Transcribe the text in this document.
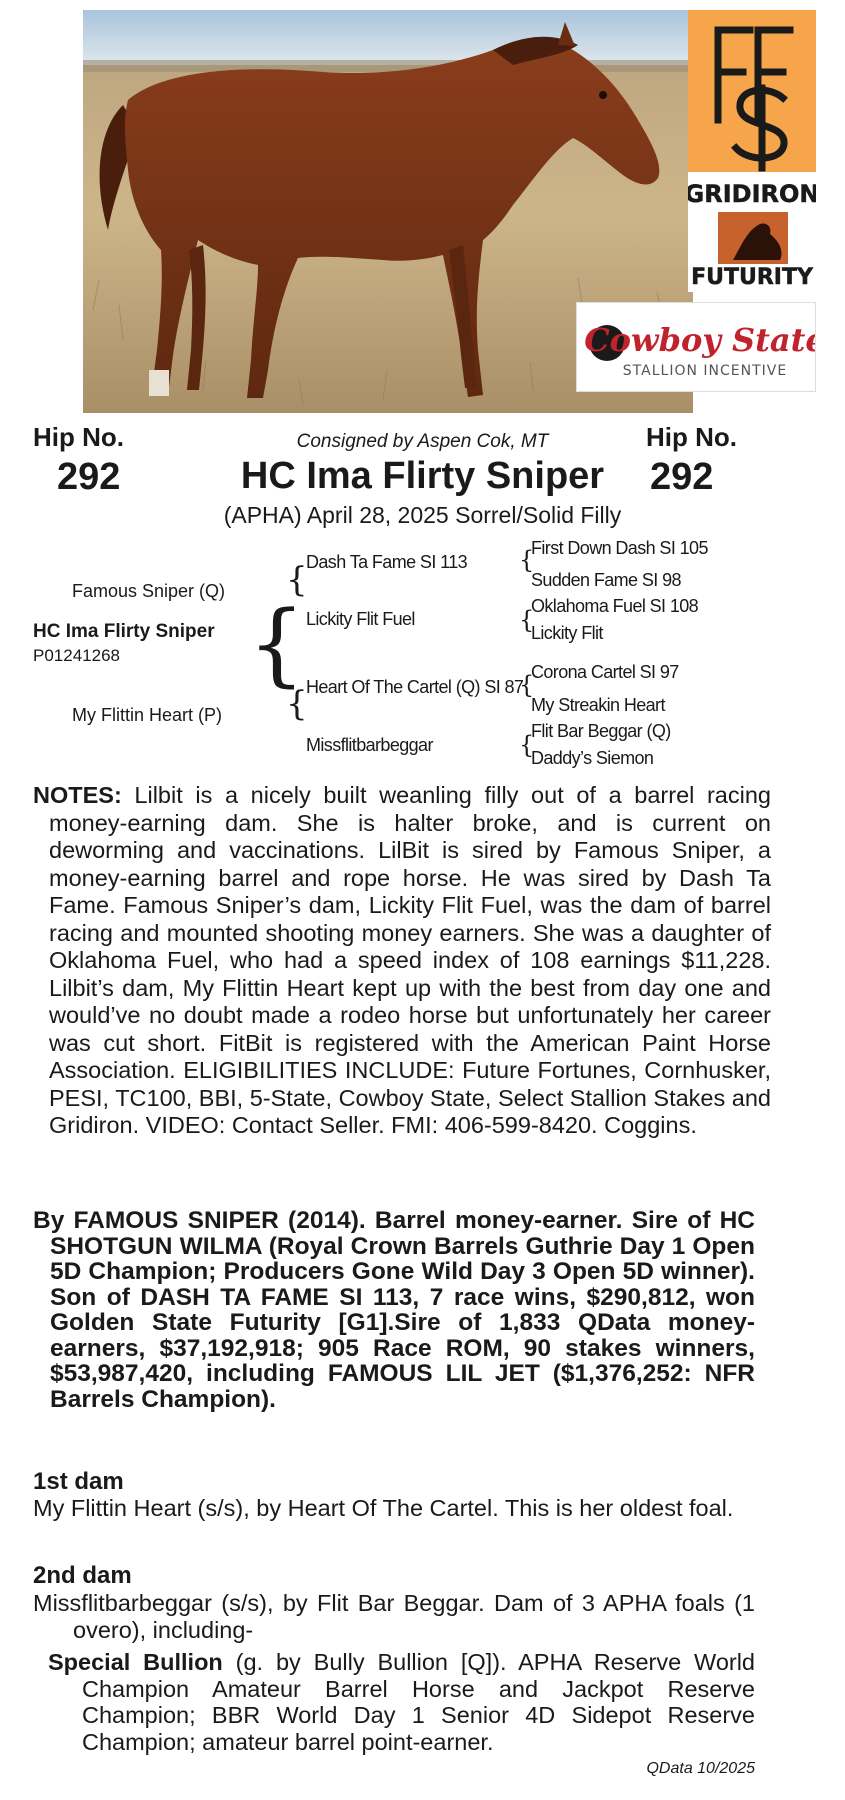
GRIDIRON
FUTURITY
Cowboy State
STALLION INCENTIVE
Hip No.
292
Hip No.
292
Consigned by Aspen Cok, MT
HC Ima Flirty Sniper
(APHA) April 28, 2025 Sorrel/Solid Filly
HC Ima Flirty Sniper
P01241268 {
Famous Sniper (Q)
My Flittin Heart (P)
{
{
Dash Ta Fame SI 113
Lickity Flit Fuel
Heart Of The Cartel (Q) SI 87
Missflitbarbeggar
{
{
{
{
First Down Dash SI 105
Sudden Fame SI 98
Oklahoma Fuel SI 108
Lickity Flit
Corona Cartel SI 97
My Streakin Heart
Flit Bar Beggar (Q)
Daddy’s Siemon
NOTES: Lilbit is a nicely built weanling filly out of a barrel racing money-earning dam. She is halter broke, and is current on deworming and vaccinations. LilBit is sired by Famous Sniper, a money-earning barrel and rope horse. He was sired by Dash Ta Fame. Famous Sniper’s dam, Lickity Flit Fuel, was the dam of barrel racing and mounted shooting money earners. She was a daughter of Oklahoma Fuel, who had a speed index of 108 earnings $11,228. Lilbit’s dam, My Flittin Heart kept up with the best from day one and would’ve no doubt made a rodeo horse but unfortunately her career was cut short. FitBit is registered with the American Paint Horse Association. ELIGIBILITIES INCLUDE: Future Fortunes, Cornhusker, PESI, TC100, BBI, 5-State, Cowboy State, Select Stallion Stakes and Gridiron. VIDEO: Contact Seller. FMI: 406-599-8420. Coggins.
By FAMOUS SNIPER (2014). Barrel money-earner. Sire of HC SHOTGUN WILMA (Royal Crown Barrels Guthrie Day 1 Open 5D Champion; Producers Gone Wild Day 3 Open 5D winner). Son of DASH TA FAME SI 113, 7 race wins, $290,812, won Golden State Futurity [G1].Sire of 1,833 QData money-earners, $37,192,918; 905 Race ROM, 90 stakes winners, $53,987,420, including FAMOUS LIL JET ($1,376,252: NFR Barrels Champion).
1st dam
My Flittin Heart (s/s), by Heart Of The Cartel. This is her oldest foal.
2nd dam
Missflitbarbeggar (s/s), by Flit Bar Beggar. Dam of 3 APHA foals (1 overo), including-
Special Bullion (g. by Bully Bullion [Q]). APHA Reserve World Champion Amateur Barrel Horse and Jackpot Reserve Champion; BBR World Day 1 Senior 4D Sidepot Reserve Champion; amateur barrel point-earner.
QData 10/2025
